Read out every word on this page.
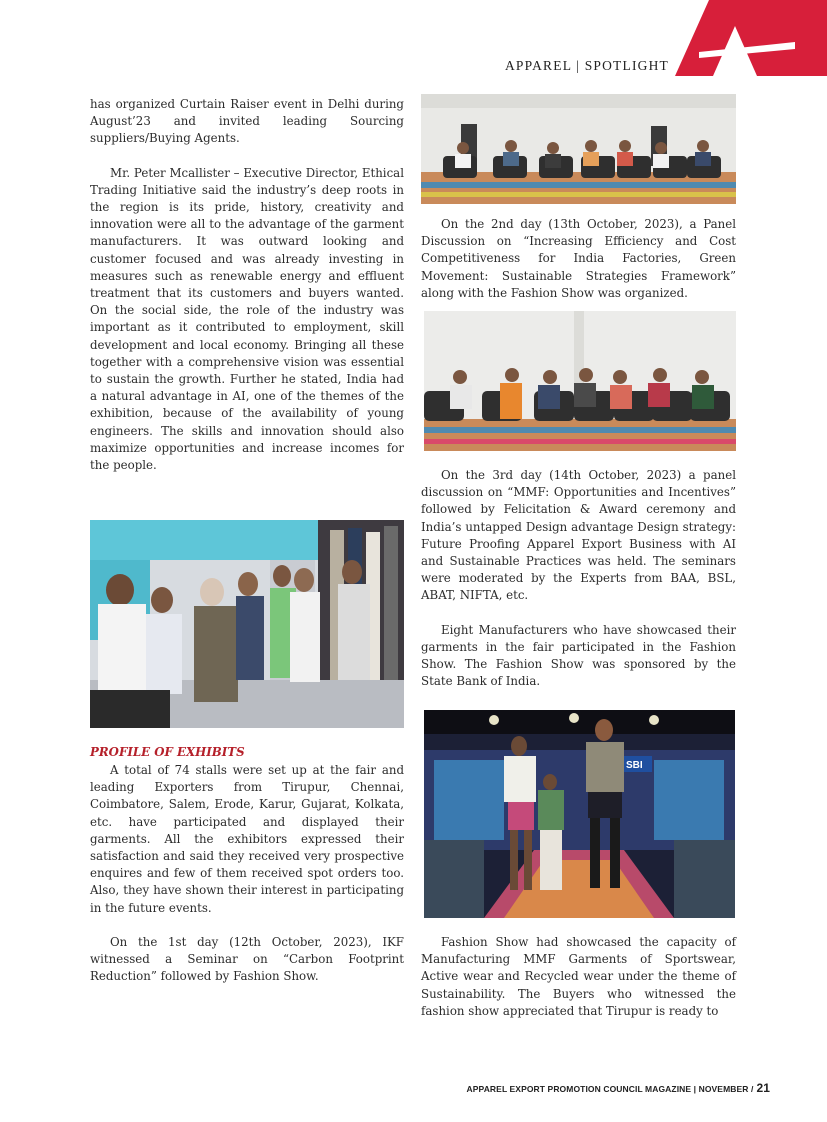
APPAREL | SPOTLIGHT

has organized Curtain Raiser event in Delhi during August’23 and invited leading Sourcing suppliers/Buying Agents.

Mr. Peter Mcallister – Executive Director, Ethical Trading Initiative said the industry’s deep roots in the region is its pride, history, creativity and innovation were all to the advantage of the garment manufacturers. It was outward looking and customer focused and was already investing in measures such as renewable energy and effluent treatment that its customers and buyers wanted. On the social side, the role of the industry was important as it contributed to employment, skill development and local economy. Bringing all these together with a comprehensive vision was essential to sustain the growth. Further he stated, India had a natural advantage in AI, one of the themes of the exhibition, because of the availability of young engineers. The skills and innovation should also maximize opportunities and increase incomes for the people.

PROFILE OF EXHIBITS

A total of 74 stalls were set up at the fair and leading Exporters from Tirupur, Chennai, Coimbatore, Salem, Erode, Karur, Gujarat, Kolkata, etc. have participated and displayed their garments. All the exhibitors expressed their satisfaction and said they received very prospective enquires and few of them received spot orders too. Also, they have shown their interest in participating in the future events.

On the 1st day (12th October, 2023), IKF witnessed a Seminar on “Carbon Footprint Reduction” followed by Fashion Show.

On the 2nd day (13th October, 2023), a Panel Discussion on “Increasing Efficiency and Cost Competitiveness for India Factories, Green Movement: Sustainable Strategies Framework” along with the Fashion Show was organized.

On the 3rd day (14th October, 2023) a panel discussion on “MMF: Opportunities and Incentives” followed by Felicitation & Award ceremony and India’s untapped Design advantage Design strategy: Future Proofing Apparel Export Business with AI and Sustainable Practices was held. The seminars were moderated by the Experts from BAA, BSL, ABAT, NIFTA, etc.

Eight Manufacturers who have showcased their garments in the fair participated in the Fashion Show. The Fashion Show was sponsored by the State Bank of India.

SBI

Fashion Show had showcased the capacity of Manufacturing MMF Garments of Sportswear, Active wear and Recycled wear under the theme of Sustainability. The Buyers who witnessed the fashion show appreciated that Tirupur is ready to

APPAREL EXPORT PROMOTION COUNCIL MAGAZINE | NOVEMBER / 21
